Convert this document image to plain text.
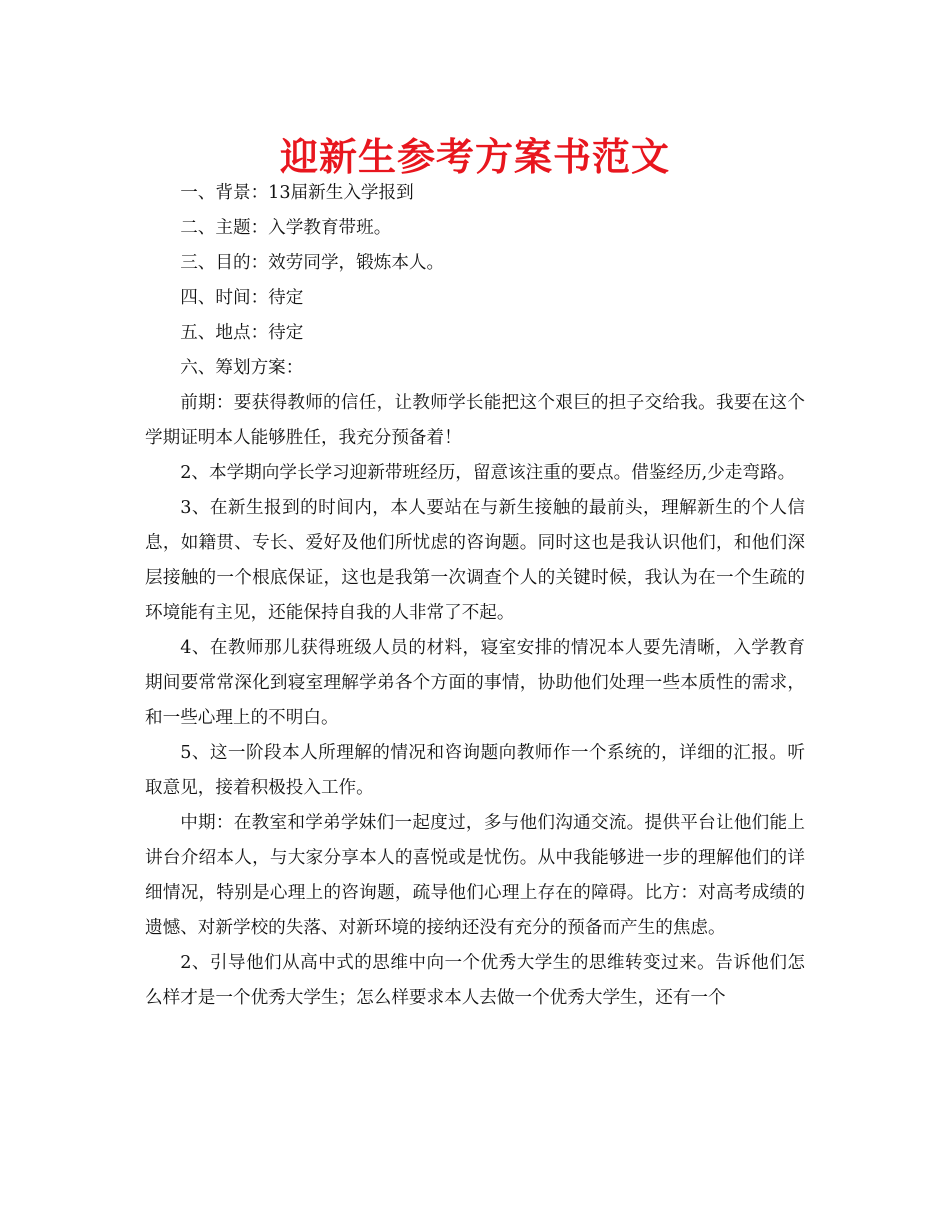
迎新生参考方案书范文

一、背景：13届新生入学报到

二、主题：入学教育带班。

三、目的：效劳同学，锻炼本人。

四、时间：待定

五、地点：待定

六、筹划方案：

前期：要获得教师的信任，让教师学长能把这个艰巨的担子交给我。我要在这个学期证明本人能够胜任，我充分预备着！

2、本学期向学长学习迎新带班经历，留意该注重的要点。借鉴经历,少走弯路。

3、在新生报到的时间内，本人要站在与新生接触的最前头，理解新生的个人信息，如籍贯、专长、爱好及他们所忧虑的咨询题。同时这也是我认识他们，和他们深层接触的一个根底保证，这也是我第一次调查个人的关键时候，我认为在一个生疏的环境能有主见，还能保持自我的人非常了不起。

4、在教师那儿获得班级人员的材料，寝室安排的情况本人要先清晰，入学教育期间要常常深化到寝室理解学弟各个方面的事情，协助他们处理一些本质性的需求，和一些心理上的不明白。

5、这一阶段本人所理解的情况和咨询题向教师作一个系统的，详细的汇报。听取意见，接着积极投入工作。

中期：在教室和学弟学妹们一起度过，多与他们沟通交流。提供平台让他们能上讲台介绍本人，与大家分享本人的喜悦或是忧伤。从中我能够进一步的理解他们的详细情况，特别是心理上的咨询题，疏导他们心理上存在的障碍。比方：对高考成绩的遗憾、对新学校的失落、对新环境的接纳还没有充分的预备而产生的焦虑。

2、引导他们从高中式的思维中向一个优秀大学生的思维转变过来。告诉他们怎么样才是一个优秀大学生；怎么样要求本人去做一个优秀大学生，还有一个
